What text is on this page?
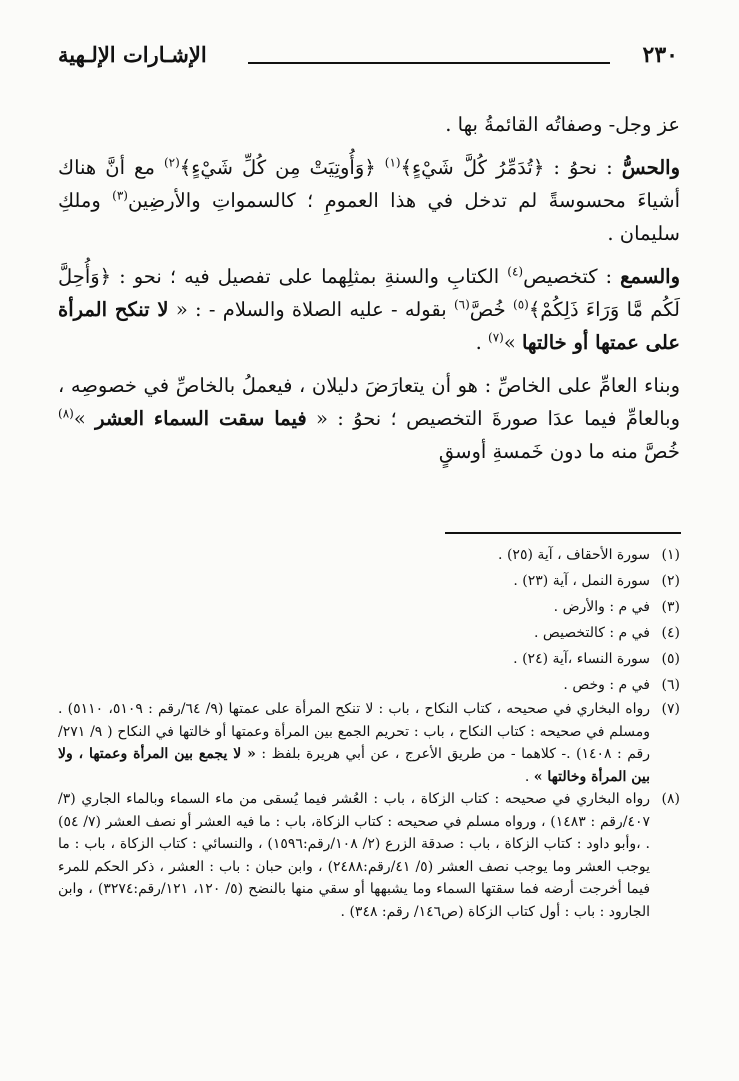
٢٣٠
الإشـارات الإلـهية

عز وجل- وصفاتُه القائمةُ بها .

والحسُّ : نحوُ : ﴿تُدَمِّرُ كُلَّ شَيْءٍ﴾$^{(١)}$ ﴿وَأُوتِيَتْ مِن كُلِّ شَيْءٍ﴾$^{(٢)}$ مع أنَّ هناك أشياءَ محسوسةً لم تدخل في هذا العمومِ ؛ كالسمواتِ والأرضِين$^{(٣)}$ وملكِ سليمان .

والسمع : كتخصيص$^{(٤)}$ الكتابِ والسنةِ بمثلِهما على تفصيل فيه ؛ نحو : ﴿وَأُحِلَّ لَكُم مَّا وَرَاءَ ذَلِكُمْ﴾$^{(٥)}$ خُصَّ$^{(٦)}$ بقوله - عليه الصلاة والسلام - : « لا تنكح المرأة على عمتها أو خالتها »$^{(٧)}$ .

وبناء العامِّ على الخاصِّ : هو أن يتعارَضَ دليلان ، فيعملُ بالخاصِّ في خصوصِه ، وبالعامِّ فيما عدَا صورةَ التخصيص ؛ نحوُ : « فيما سقت السماء العشر »$^{(٨)}$ خُصَّ منه ما دون خَمسةِ أوسقٍ

(١)
سورة الأحقاف ، آية (٢٥) .
(٢)
سورة النمل ، آية (٢٣) .
(٣)
في م : والأرض .
(٤)
في م : كالتخصيص .
(٥)
سورة النساء ،آية (٢٤) .
(٦)
في م : وخص .
(٧)
رواه البخاري في صحيحه ، كتاب النكاح ، باب : لا تنكح المرأة على عمتها (٩/ ٦٤/رقم : ٥١٠٩، ٥١١٠) . ومسلم في صحيحه : كتاب النكاح ، باب : تحريم الجمع بين المرأة وعمتها أو خالتها في النكاح ( ٩/ ٢٧١/ رقم : ١٤٠٨) .- كلاهما - من طريق الأعرج ، عن أبي هريرة بلفظ : « لا يجمع بين المرأة وعمتها ، ولا بين المرأة وخالتها » .
(٨)
رواه البخاري في صحيحه : كتاب الزكاة ، باب : العُشر فيما يُسقى من ماء السماء وبالماء الجاري (٣/ ٤٠٧/رقم : ١٤٨٣) ، ورواه مسلم في صحيحه : كتاب الزكاة، باب : ما فيه العشر أو نصف العشر (٧/ ٥٤) . ،وأبو داود : كتاب الزكاة ، باب : صدقة الزرع (٢/ ١٠٨/رقم:١٥٩٦) ، والنسائي : كتاب الزكاة ، باب : ما يوجب العشر وما يوجب نصف العشر (٥/ ٤١/رقم:٢٤٨٨) ، وابن حبان : باب : العشر ، ذكر الحكم للمرء فيما أخرجت أرضه فما سقتها السماء وما يشبهها أو سقي منها بالنضح (٥/ ١٢٠، ١٢١/رقم:٣٢٧٤) ، وابن الجارود : باب : أول كتاب الزكاة (ص١٤٦/ رقم: ٣٤٨) .
